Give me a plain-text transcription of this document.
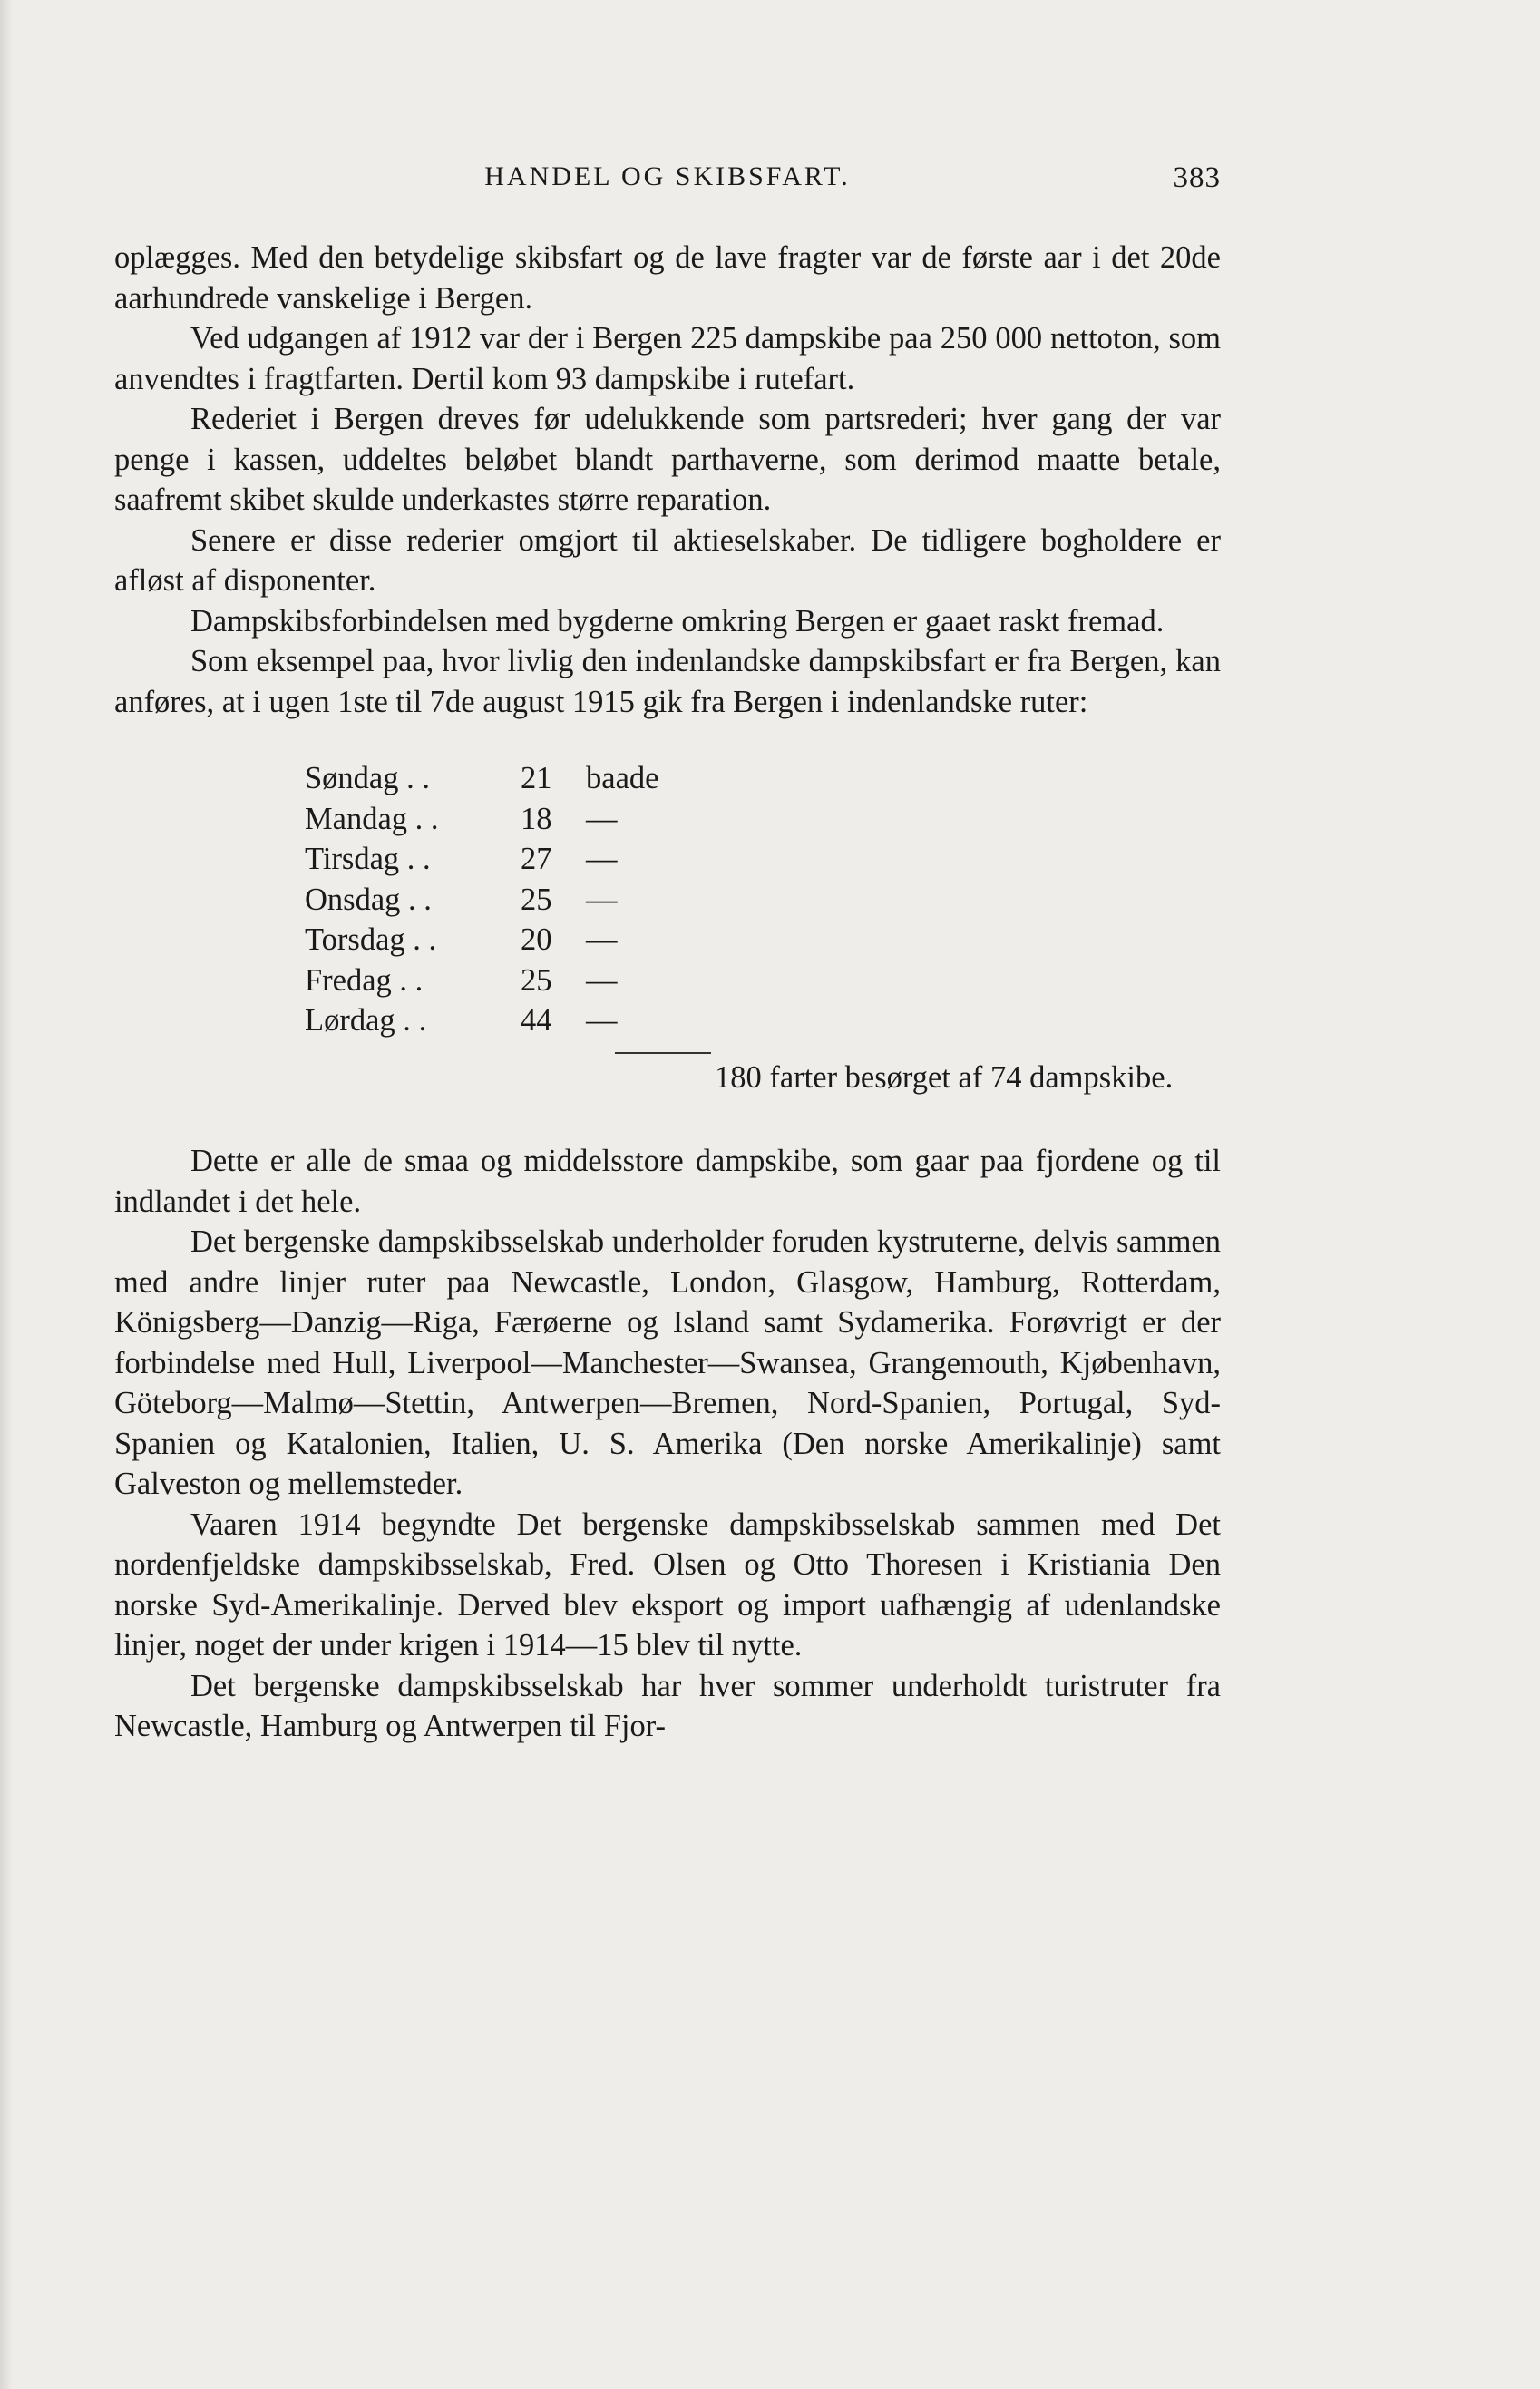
HANDEL OG SKIBSFART.	383

oplægges. Med den betydelige skibsfart og de lave fragter var de første aar i det 20de aarhundrede vanskelige i Bergen.

Ved udgangen af 1912 var der i Bergen 225 dampskibe paa 250 000 nettoton, som anvendtes i fragtfarten. Dertil kom 93 dampskibe i rutefart.

Rederiet i Bergen dreves før udelukkende som partsrederi; hver gang der var penge i kassen, uddeltes beløbet blandt parthaverne, som derimod maatte betale, saafremt skibet skulde underkastes større reparation.

Senere er disse rederier omgjort til aktieselskaber. De tidligere bogholdere er afløst af disponenter.

Dampskibsforbindelsen med bygderne omkring Bergen er gaaet raskt fremad.

Som eksempel paa, hvor livlig den indenlandske dampskibsfart er fra Bergen, kan anføres, at i ugen 1ste til 7de august 1915 gik fra Bergen i indenlandske ruter:

Søndag . .	21	baade
Mandag . .	18	—
Tirsdag . .	27	—
Onsdag . .	25	—
Torsdag . .	20	—
Fredag . .	25	—
Lørdag . .	44	—
180 farter besørget af 74 dampskibe.

Dette er alle de smaa og middelsstore dampskibe, som gaar paa fjordene og til indlandet i det hele.

Det bergenske dampskibsselskab underholder foruden kystruterne, delvis sammen med andre linjer ruter paa Newcastle, London, Glasgow, Hamburg, Rotterdam, Königsberg—Danzig—Riga, Færøerne og Island samt Sydamerika. Forøvrigt er der forbindelse med Hull, Liverpool—Manchester—Swansea, Grangemouth, Kjøbenhavn, Göteborg—Malmø—Stettin, Antwerpen—Bremen, Nord-Spanien, Portugal, Syd-Spanien og Katalonien, Italien, U. S. Amerika (Den norske Amerikalinje) samt Galveston og mellemsteder.

Vaaren 1914 begyndte Det bergenske dampskibsselskab sammen med Det nordenfjeldske dampskibsselskab, Fred. Olsen og Otto Thoresen i Kristiania Den norske Syd-Amerikalinje. Derved blev eksport og import uafhængig af udenlandske linjer, noget der under krigen i 1914—15 blev til nytte.

Det bergenske dampskibsselskab har hver sommer underholdt turistruter fra Newcastle, Hamburg og Antwerpen til Fjor-
